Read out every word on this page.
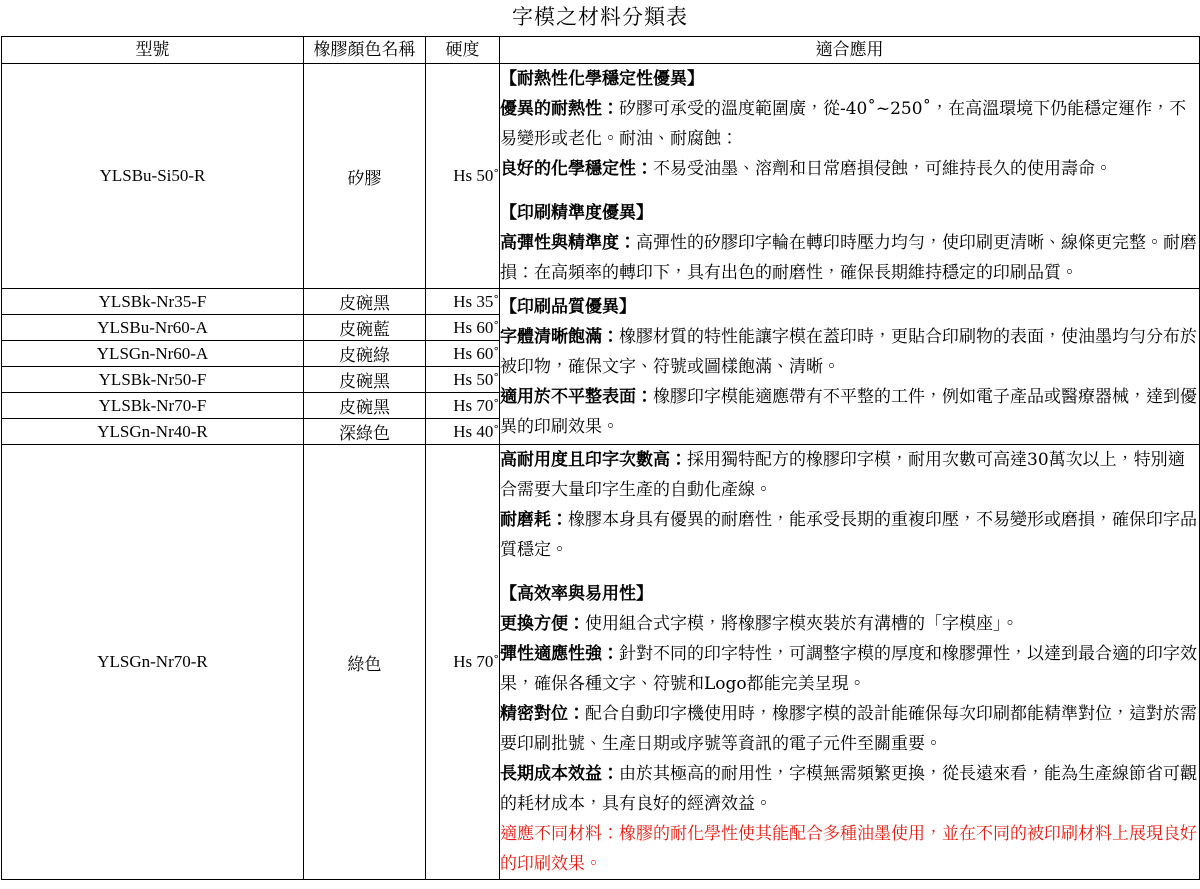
字模之材料分類表
型號	橡膠顏色名稱	硬度	適合應用
YLSBu-Si50-R	矽膠	Hs 50˚	【耐熱性化學穩定性優異】

優異的耐熱性：矽膠可承受的溫度範圍廣，從-40˚~250˚，在高溫環境下仍能穩定運作，不易變形或老化。耐油、耐腐蝕：

良好的化學穩定性：不易受油墨、溶劑和日常磨損侵蝕，可維持長久的使用壽命。

【印刷精準度優異】

高彈性與精準度：高彈性的矽膠印字輪在轉印時壓力均勻，使印刷更清晰、線條更完整。耐磨損：在高頻率的轉印下，具有出色的耐磨性，確保長期維持穩定的印刷品質。

YLSBk-Nr35-F	皮碗黑	Hs 35˚	【印刷品質優異】

字體清晰飽滿：橡膠材質的特性能讓字模在蓋印時，更貼合印刷物的表面，使油墨均勻分布於被印物，確保文字、符號或圖樣飽滿、清晰。

適用於不平整表面：橡膠印字模能適應帶有不平整的工件，例如電子產品或醫療器械，達到優異的印刷效果。

YLSBu-Nr60-A	皮碗藍	Hs 60˚	
YLSGn-Nr60-A	皮碗綠	Hs 60˚	
YLSBk-Nr50-F	皮碗黑	Hs 50˚	
YLSBk-Nr70-F	皮碗黑	Hs 70˚	
YLSGn-Nr40-R	深綠色	Hs 40˚	
YLSGn-Nr70-R	綠色	Hs 70˚	

高耐用度且印字次數高：採用獨特配方的橡膠印字模，耐用次數可高達30萬次以上，特別適合需要大量印字生產的自動化產線。

耐磨耗：橡膠本身具有優異的耐磨性，能承受長期的重複印壓，不易變形或磨損，確保印字品質穩定。

【高效率與易用性】

更換方便：使用組合式字模，將橡膠字模夾裝於有溝槽的「字模座」。

彈性適應性強：針對不同的印字特性，可調整字模的厚度和橡膠彈性，以達到最合適的印字效果，確保各種文字、符號和Logo都能完美呈現。

精密對位：配合自動印字機使用時，橡膠字模的設計能確保每次印刷都能精準對位，這對於需要印刷批號、生產日期或序號等資訊的電子元件至關重要。

長期成本效益：由於其極高的耐用性，字模無需頻繁更換，從長遠來看，能為生產線節省可觀的耗材成本，具有良好的經濟效益。

適應不同材料：橡膠的耐化學性使其能配合多種油墨使用，並在不同的被印刷材料上展現良好的印刷效果。
